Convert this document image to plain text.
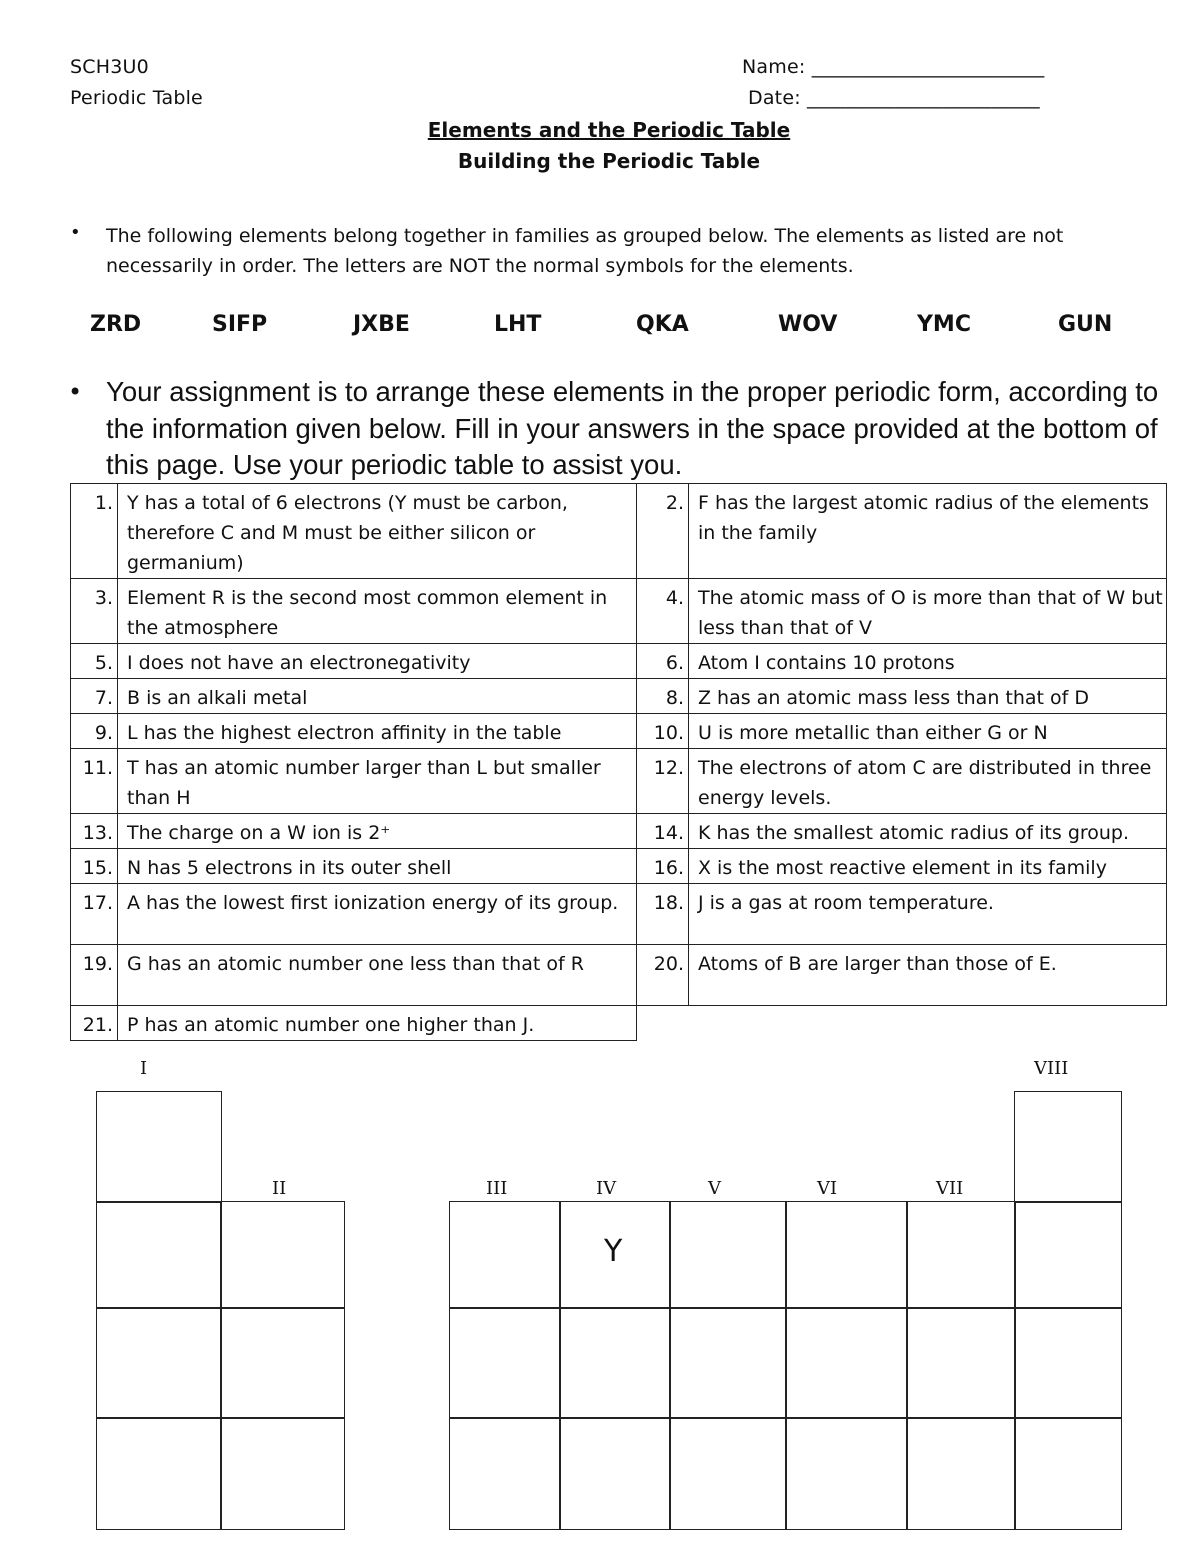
SCH3U0
Periodic Table
Name: ________________________
Date: ________________________
Elements and the Periodic Table
Building the Periodic Table
• The following elements belong together in families as grouped below. The elements as listed are not necessarily in order. The letters are NOT the normal symbols for the elements.
ZRD	SIFP	JXBE	LHT	QKA	WOV	YMC	GUN
• Your assignment is to arrange these elements in the proper periodic form, according to the information given below. Fill in your answers in the space provided at the bottom of this page. Use your periodic table to assist you.
1.	Y has a total of 6 electrons (Y must be carbon, therefore C and M must be either silicon or germanium)	2.	F has the largest atomic radius of the elements in the family
3.	Element R is the second most common element in the atmosphere	4.	The atomic mass of O is more than that of W but less than that of V
5.	I does not have an electronegativity	6.	Atom I contains 10 protons
7.	B is an alkali metal	8.	Z has an atomic mass less than that of D
9.	L has the highest electron affinity in the table	10.	U is more metallic than either G or N
11.	T has an atomic number larger than L but smaller than H	12.	The electrons of atom C are distributed in three energy levels.
13.	The charge on a W ion is 2⁺	14.	K has the smallest atomic radius of its group.
15.	N has 5 electrons in its outer shell	16.	X is the most reactive element in its family
17.	A has the lowest first ionization energy of its group.	18.	J is a gas at room temperature.
19.	G has an atomic number one less than that of R	20.	Atoms of B are larger than those of E.
21.	P has an atomic number one higher than J.		
I
II	III	IV	V	VI	VII
VIII
Y
